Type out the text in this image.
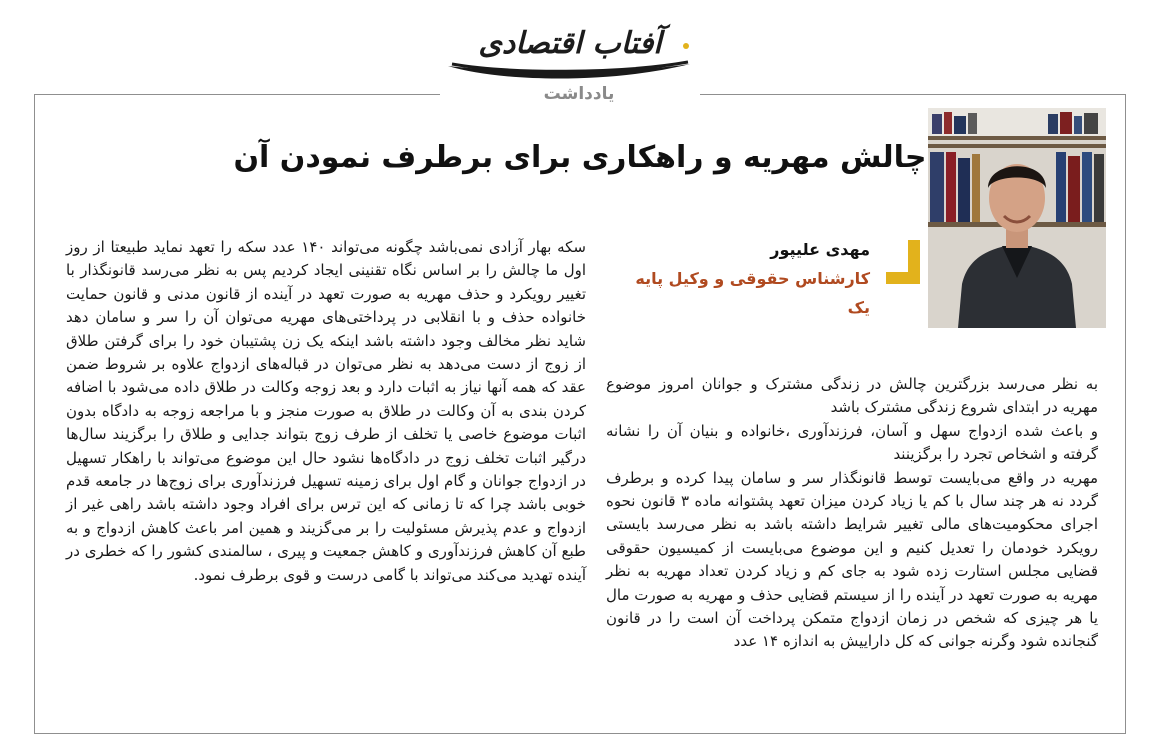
آفتاب اقتصادی
یادداشت
چالش مهریه و راهکاری برای برطرف نمودن آن
مهدی علیپور
کارشناس حقوقی و وکیل پایه یک

به نظر می‌رسد بزرگترین چالش در زندگی مشترک و جوانان امروز موضوع مهریه در ابتدای شروع زندگی مشترک باشد

و باعث شده ازدواج سهل و آسان، فرزندآوری ،خانواده و بنیان آن را نشانه گرفته و اشخاص تجرد را برگزینند

مهریه در واقع می‌بایست توسط قانونگذار سر و سامان پیدا کرده و برطرف گردد نه هر چند سال با کم یا زیاد کردن میزان تعهد پشتوانه ماده ۳ قانون نحوه اجرای محکومیت‌های مالی تغییر شرایط داشته باشد به نظر می‌رسد بایستی رویکرد خودمان را تعدیل کنیم و این موضوع می‌بایست از کمیسیون حقوقی قضایی مجلس استارت زده شود به جای کم و زیاد کردن تعداد مهریه به نظر مهریه به صورت تعهد در آینده را از سیستم قضایی حذف و مهریه به صورت مال یا هر چیزی که شخص در زمان ازدواج متمکن پرداخت آن است را در قانون گنجانده شود وگرنه جوانی که کل داراییش به اندازه ۱۴ عدد

سکه بهار آزادی نمی‌باشد چگونه می‌تواند ۱۴۰ عدد سکه را تعهد نماید طبیعتا از روز اول ما چالش را بر اساس نگاه تقنینی ایجاد کردیم پس به نظر می‌رسد قانونگذار با تغییر رویکرد و حذف مهریه به صورت تعهد در آینده از قانون مدنی و قانون حمایت خانواده حذف و با انقلابی در پرداختی‌های مهریه می‌توان آن را سر و سامان دهد شاید نظر مخالف وجود داشته باشد اینکه یک زن پشتیبان خود را برای گرفتن طلاق از زوج از دست می‌دهد به نظر می‌توان در قباله‌های ازدواج علاوه بر شروط ضمن عقد که همه آنها نیاز به اثبات دارد و بعد زوجه وکالت در طلاق داده می‌شود با اضافه کردن بندی به آن وکالت در طلاق به صورت منجز و با مراجعه زوجه به دادگاه بدون اثبات موضوع خاصی یا تخلف از طرف زوج بتواند جدایی و طلاق را برگزیند سال‌ها درگیر اثبات تخلف زوج در دادگاه‌ها نشود حال این موضوع می‌تواند با راهکار تسهیل در ازدواج جوانان و گام اول برای زمینه تسهیل فرزندآوری برای زوج‌ها در جامعه قدم خوبی باشد چرا که تا زمانی که این ترس برای افراد وجود داشته باشد راهی غیر از ازدواج و عدم پذیرش مسئولیت را بر می‌گزیند و همین امر باعث کاهش ازدواج و به طبع آن کاهش فرزندآوری و کاهش جمعیت و پیری ، سالمندی کشور را که خطری در آینده تهدید می‌کند می‌تواند با گامی درست و قوی برطرف نمود.
